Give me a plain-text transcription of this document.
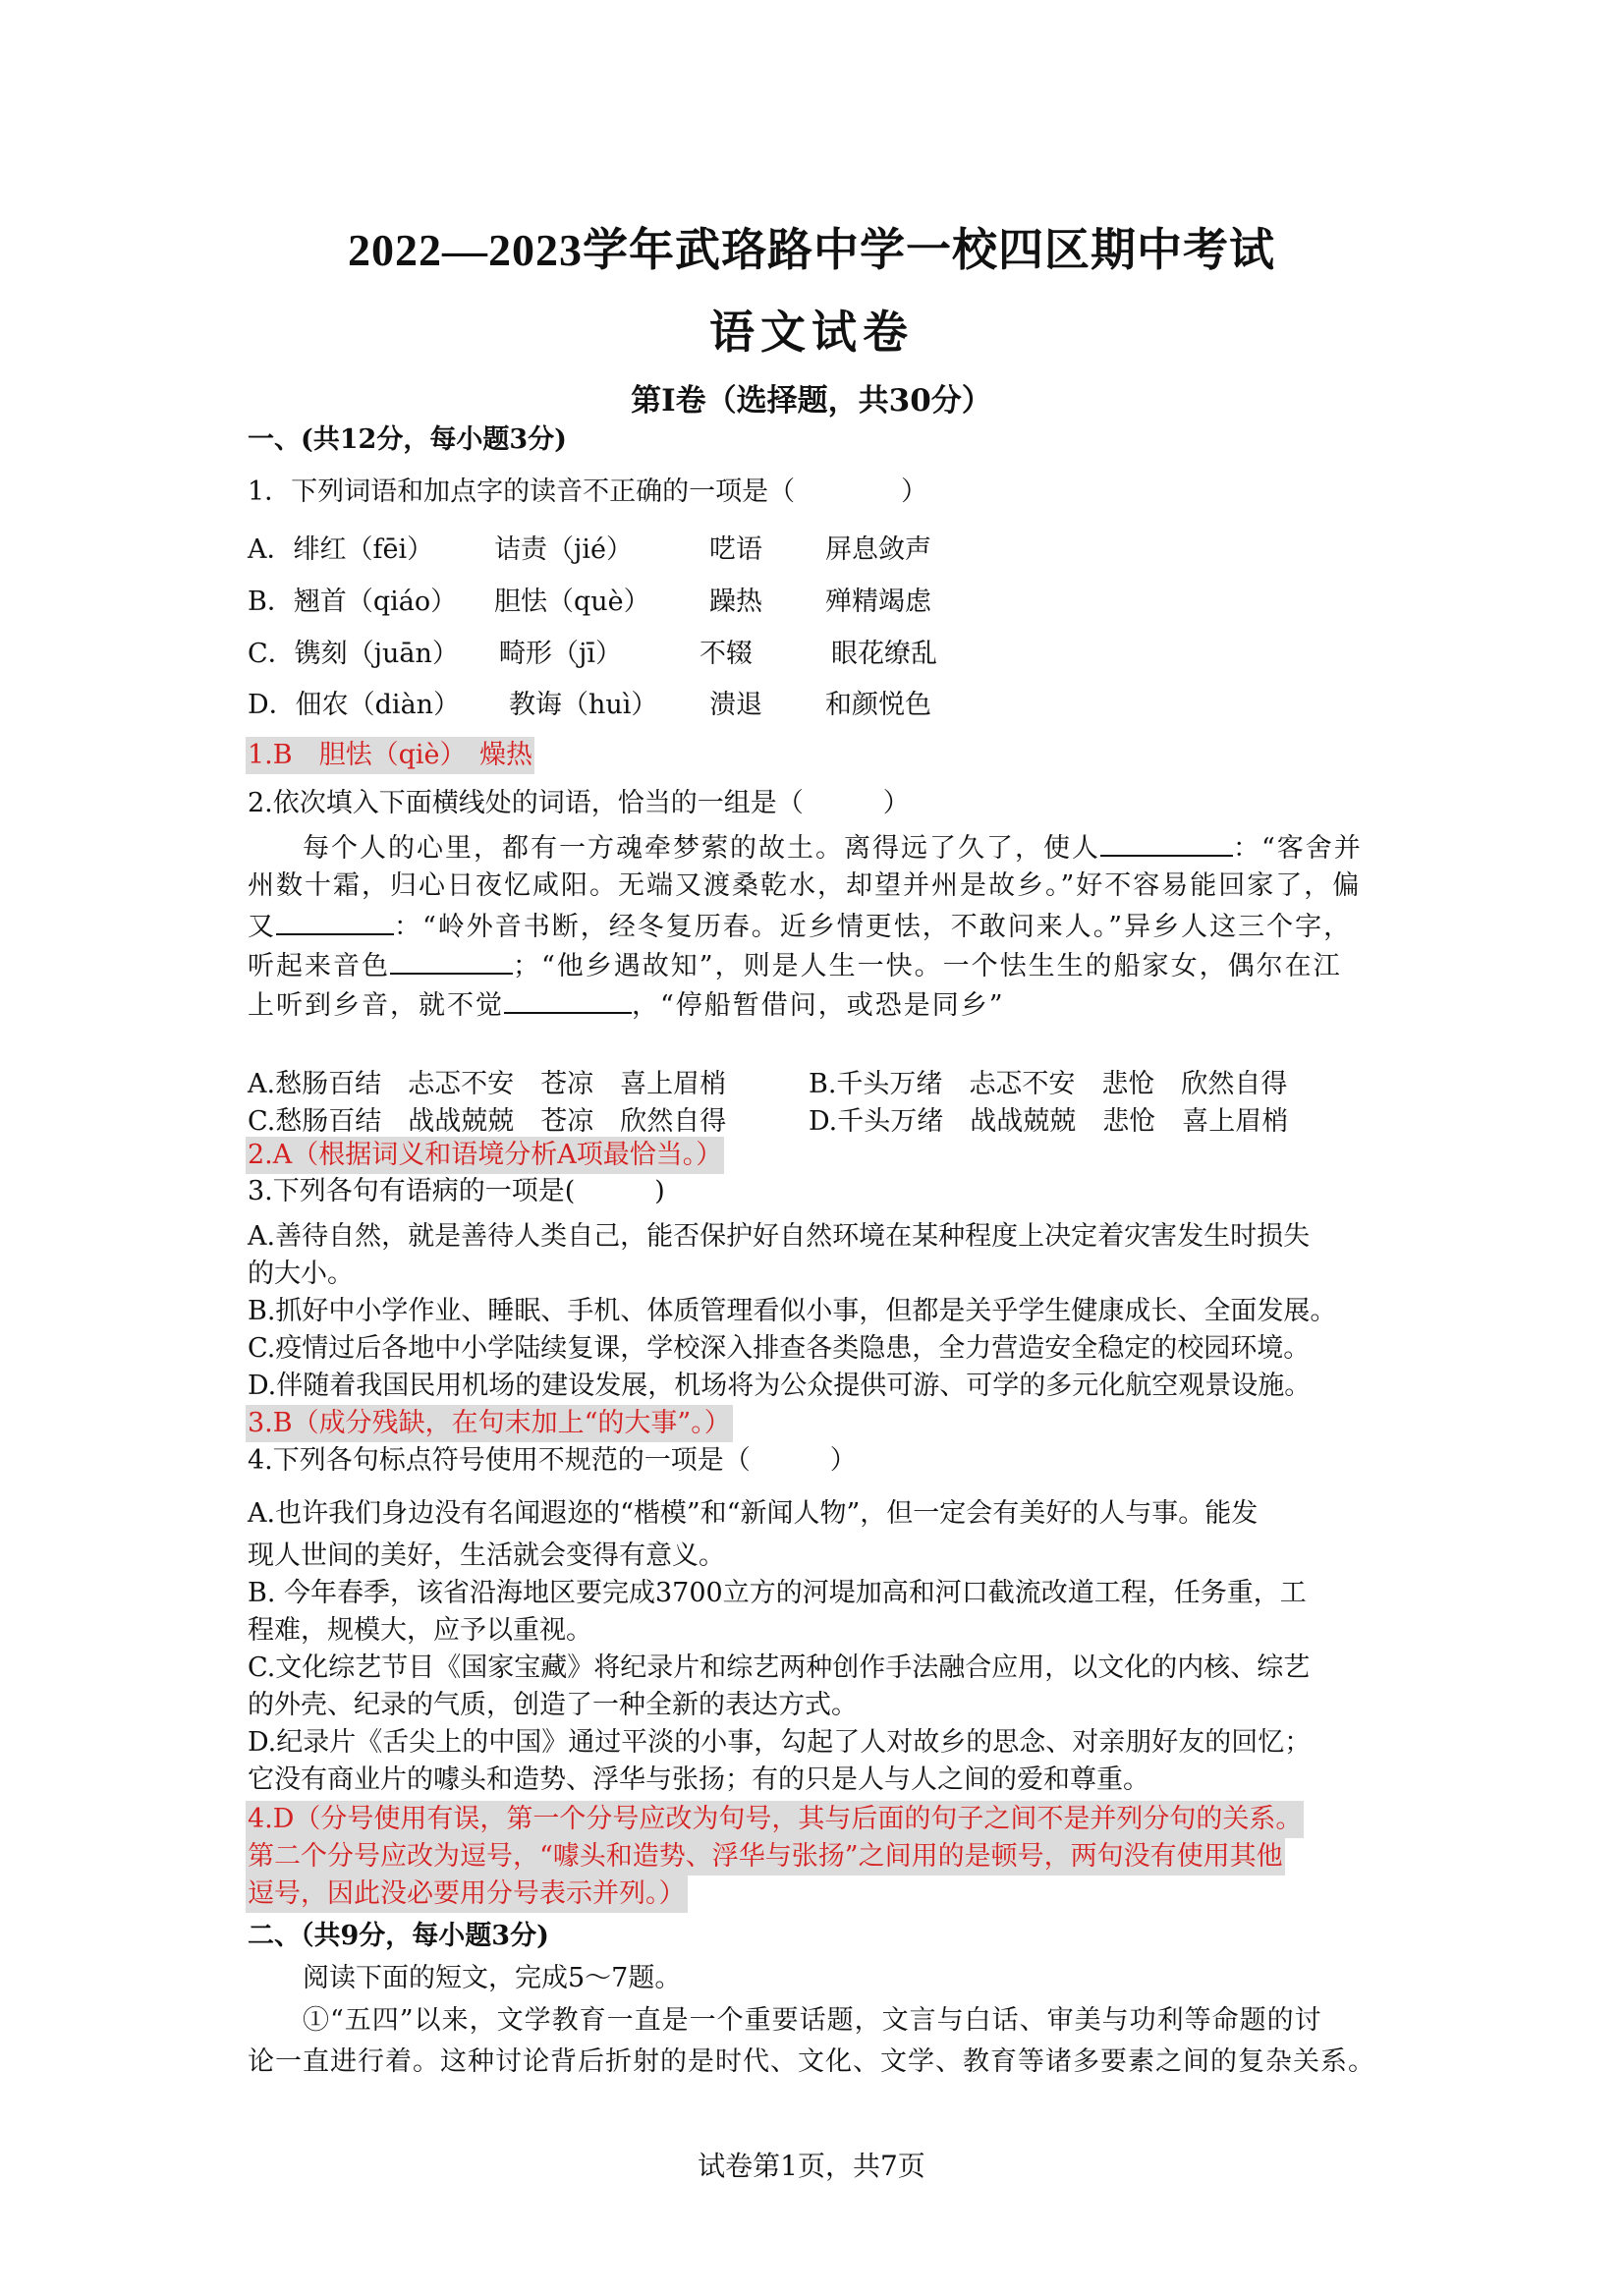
2022—2023学年武珞路中学一校四区期中考试
语文试卷
第Ⅰ卷（选择题，共30分）
一、(共12分，每小题3分)
1．下列词语和加点字的读音不正确的一项是（　　　　）
A．绯红（fēi） 诘责（jié）	呓语 屏息敛声
B．翘首（qiáo） 胆怯（què） 躁热 殚精竭虑
C．镌刻（juān） 畸形（jī）	不辍	眼花缭乱
D．佃农（diàn） 教诲（huì） 溃退 和颜悦色
1.B　胆怯（qiè）　燥热
2.依次填入下面横线处的词语，恰当的一组是（　　　）
每个人的心里，都有一方魂牵梦萦的故土。离得远了久了，使人	：“客舍并
州数十霜，归心日夜忆咸阳。无端又渡桑乾水，却望并州是故乡。”好不容易能回家了，偏
又	：“岭外音书断，经冬复历春。近乡情更怯，不敢问来人。”异乡人这三个字，
听起来音色	；“他乡遇故知”，则是人生一快。一个怯生生的船家女，偶尔在江
上听到乡音，就不觉	，“停船暂借问，或恐是同乡”
A.愁肠百结　忐忑不安　苍凉　喜上眉梢	B.千头万绪　忐忑不安　悲怆　欣然自得
C.愁肠百结　战战兢兢　苍凉　欣然自得	D.千头万绪　战战兢兢　悲怆　喜上眉梢
2.A（根据词义和语境分析A项最恰当。）
3.下列各句有语病的一项是(　　　)
A.善待自然，就是善待人类自己，能否保护好自然环境在某种程度上决定着灾害发生时损失
的大小。
B.抓好中小学作业、睡眠、手机、体质管理看似小事，但都是关乎学生健康成长、全面发展。
C.疫情过后各地中小学陆续复课，学校深入排查各类隐患，全力营造安全稳定的校园环境。
D.伴随着我国民用机场的建设发展，机场将为公众提供可游、可学的多元化航空观景设施。
3.B（成分残缺，在句末加上“的大事”。）
4.下列各句标点符号使用不规范的一项是（　　　）
A.也许我们身边没有名闻遐迩的“楷模”和“新闻人物”，但一定会有美好的人与事。能发
现人世间的美好，生活就会变得有意义。
B. 今年春季，该省沿海地区要完成3700立方的河堤加高和河口截流改道工程，任务重，工
程难，规模大，应予以重视。
C.文化综艺节目《国家宝藏》将纪录片和综艺两种创作手法融合应用，以文化的内核、综艺
的外壳、纪录的气质，创造了一种全新的表达方式。
D.纪录片《舌尖上的中国》通过平淡的小事，勾起了人对故乡的思念、对亲朋好友的回忆；
它没有商业片的噱头和造势、浮华与张扬；有的只是人与人之间的爱和尊重。
4.D（分号使用有误，第一个分号应改为句号，其与后面的句子之间不是并列分句的关系。
第二个分号应改为逗号，“噱头和造势、浮华与张扬”之间用的是顿号，两句没有使用其他
逗号，因此没必要用分号表示并列。）
二、（共9分，每小题3分)
阅读下面的短文，完成5～7题。
①“五四”以来，文学教育一直是一个重要话题，文言与白话、审美与功利等命题的讨
论一直进行着。这种讨论背后折射的是时代、文化、文学、教育等诸多要素之间的复杂关系。
试卷第1页，共7页
